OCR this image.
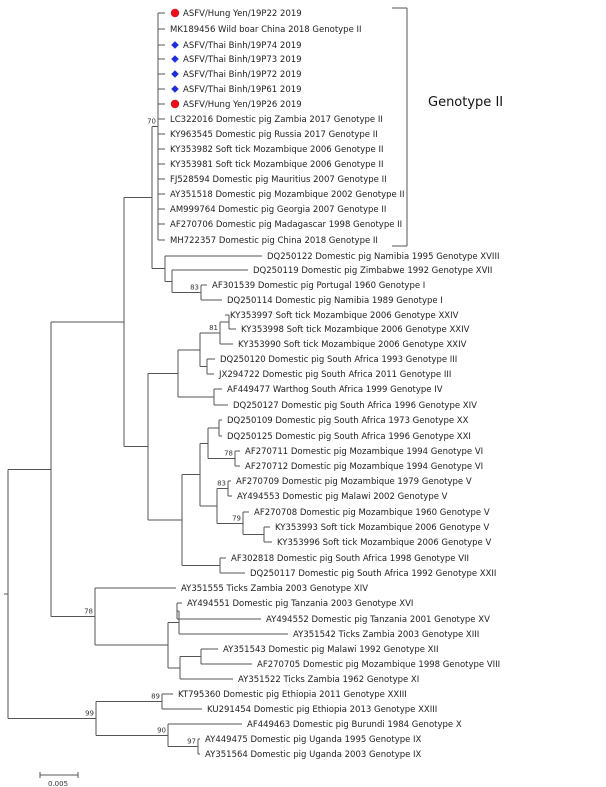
ASFV/Hung Yen/19P22 2019
MK189456 Wild boar China 2018 Genotype II
ASFV/Thai Binh/19P74 2019
ASFV/Thai Binh/19P73 2019
ASFV/Thai Binh/19P72 2019
ASFV/Thai Binh/19P61 2019
ASFV/Hung Yen/19P26 2019
LC322016 Domestic pig Zambia 2017 Genotype II
KY963545 Domestic pig Russia 2017 Genotype II
KY353982 Soft tick Mozambique 2006 Genotype II
KY353981 Soft tick Mozambique 2006 Genotype II
FJ528594 Domestic pig Mauritius 2007 Genotype II
AY351518 Domestic pig Mozambique 2002 Genotype II
AM999764 Domestic pig Georgia 2007 Genotype II
AF270706 Domestic pig Madagascar 1998 Genotype II
MH722357 Domestic pig China 2018 Genotype II
DQ250122 Domestic pig Namibia 1995 Genotype XVIII
DQ250119 Domestic pig Zimbabwe 1992 Genotype XVII
AF301539 Domestic pig Portugal 1960 Genotype I
DQ250114 Domestic pig Namibia 1989 Genotype I
KY353997 Soft tick Mozambique 2006 Genotype XXIV
KY353998 Soft tick Mozambique 2006 Genotype XXIV
KY353990 Soft tick Mozambique 2006 Genotype XXIV
DQ250120 Domestic pig South Africa 1993 Genotype III
JX294722 Domestic pig South Africa 2011 Genotype III
AF449477 Warthog South Africa 1999 Genotype IV
DQ250127 Domestic pig South Africa 1996 Genotype XIV
DQ250109 Domestic pig South Africa 1973 Genotype XX
DQ250125 Domestic pig South Africa 1996 Genotype XXI
AF270711 Domestic pig Mozambique 1994 Genotype VI
AF270712 Domestic pig Mozambique 1994 Genotype VI
AF270709 Domestic pig Mozambique 1979 Genotype V
AY494553 Domestic pig Malawi 2002 Genotype V
AF270708 Domestic pig Mozambique 1960 Genotype V
KY353993 Soft tick Mozambique 2006 Genotype V
KY353996 Soft tick Mozambique 2006 Genotype V
AF302818 Domestic pig South Africa 1998 Genotype VII
DQ250117 Domestic pig South Africa 1992 Genotype XXII
AY351555 Ticks Zambia 2003 Genotype XIV
AY494551 Domestic pig Tanzania 2003 Genotype XVI
AY494552 Domestic pig Tanzania 2001 Genotype XV
AY351542 Ticks Zambia 2003 Genotype XIII
AY351543 Domestic pig Malawi 1992 Genotype XII
AF270705 Domestic pig Mozambique 1998 Genotype VIII
AY351522 Ticks Zambia 1962 Genotype XI
KT795360 Domestic pig Ethiopia 2011 Genotype XXIII
KU291454 Domestic pig Ethiopia 2013 Genotype XXIII
AF449463 Domestic pig Burundi 1984 Genotype X
AY449475 Domestic pig Uganda 1995 Genotype IX
AY351564 Domestic pig Uganda 2003 Genotype IX
70
83
81
78
83
79
78
89
97
90
99
Genotype II
0.005
